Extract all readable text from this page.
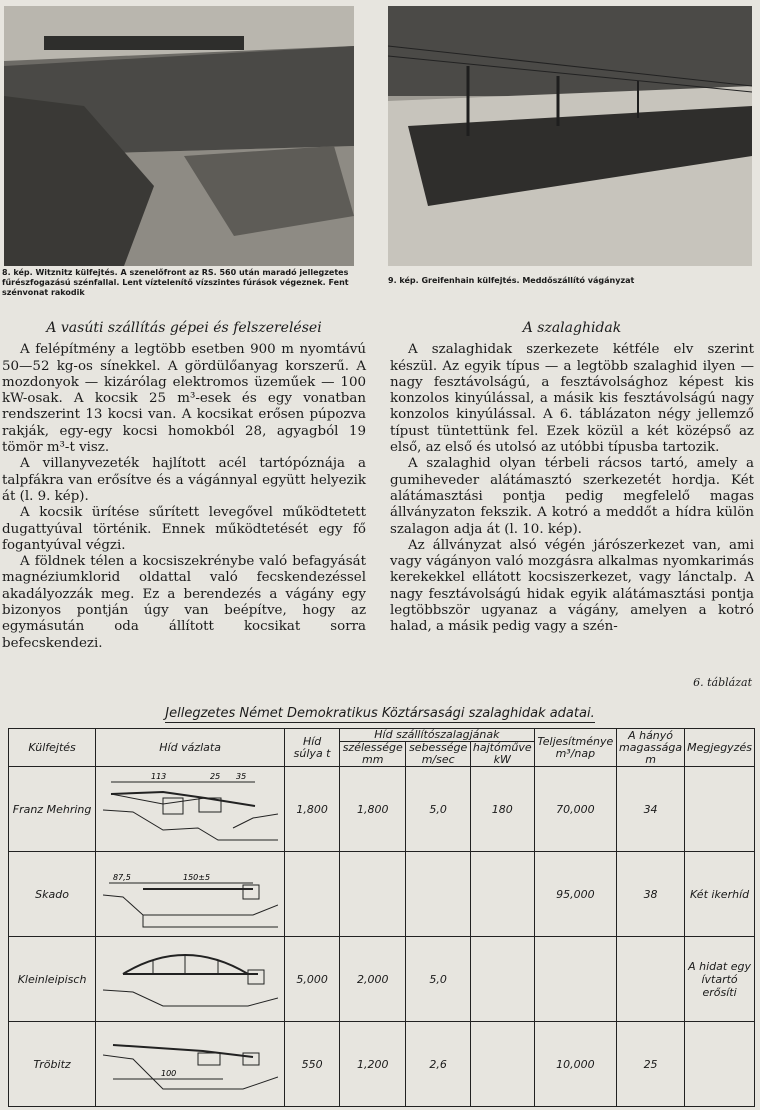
8. kép. Witznitz külfejtés. A szenelőfront az RS. 560 után maradó jellegzetes fűrészfogazású szénfallal. Lent víztelenítő vízszintes fúrások végeznek. Fent szénvonat rakodik
9. kép. Greifenhain külfejtés. Meddőszállító vágányzat
A vasúti szállítás gépei és felszerelései

A felépítmény a legtöbb esetben 900 m nyomtávú 50—52 kg-os sínekkel. A gördülőanyag korszerű. A mozdonyok — kizárólag elektromos üzeműek — 100 kW-osak. A kocsik 25 m³-esek és egy vonatban rendszerint 13 kocsi van. A kocsikat erősen púpozva rakják, egy-egy kocsi homokból 28, agyagból 19 tömör m³-t visz.

A villanyvezeték hajlított acél tartópóznája a talpfákra van erősítve és a vágánnyal együtt helyezik át (l. 9. kép).

A kocsik ürítése sűrített levegővel működtetett dugattyúval történik. Ennek működtetését egy fő fogantyúval végzi.

A földnek télen a kocsiszekrénybe való befagyását magnéziumklorid oldattal való fecskendezéssel akadályozzák meg. Ez a berendezés a vágány egy bizonyos pontján úgy van beépítve, hogy az egymásután oda állított kocsikat sorra befecskendezi.

A szalaghidak

A szalaghidak szerkezete kétféle elv szerint készül. Az egyik típus — a legtöbb szalaghid ilyen — nagy fesztávolságú, a fesztávolsághoz képest kis konzolos kinyúlással, a másik kis fesztávolságú nagy konzolos kinyúlással. A 6. táblázaton négy jellemző típust tüntettünk fel. Ezek közül a két középső az első, az első és utolsó az utóbbi típusba tartozik.

A szalaghid olyan térbeli rácsos tartó, amely a gumiheveder alátámasztó szerkezetét hordja. Két alátámasztási pontja pedig megfelelő magas állványzaton fekszik. A kotró a meddőt a hídra külön szalagon adja át (l. 10. kép).

Az állványzat alsó végén járószerkezet van, ami vagy vágányon való mozgásra alkalmas nyomkarimás kerekekkel ellátott kocsiszerkezet, vagy lánctalp. A nagy fesztávolságú hidak egyik alátámasztási pontja legtöbbször ugyanaz a vágány, amelyen a kotró halad, a másik pedig vagy a szén-

6. táblázat
Jellegzetes Német Demokratikus Köztársasági szalaghidak adatai.
Külfejtés	Híd vázlata	Híd súlya t	Híd szállítószalagjának			Teljesítménye m³/nap	A hányó magassága m	Megjegyzés
			szélessége mm	sebessége m/sec	hajtóműve kW			
Franz Mehring	113 25 35	1,800	1,800	5,0	180	70,000	34	
Skado	87,5 150±5					95,000	38	Két ikerhíd
Kleinleipisch		5,000	2,000	5,0				A hidat egy ívtartó erősíti
Tröbitz	100	550	1,200	2,6		10,000	25	
